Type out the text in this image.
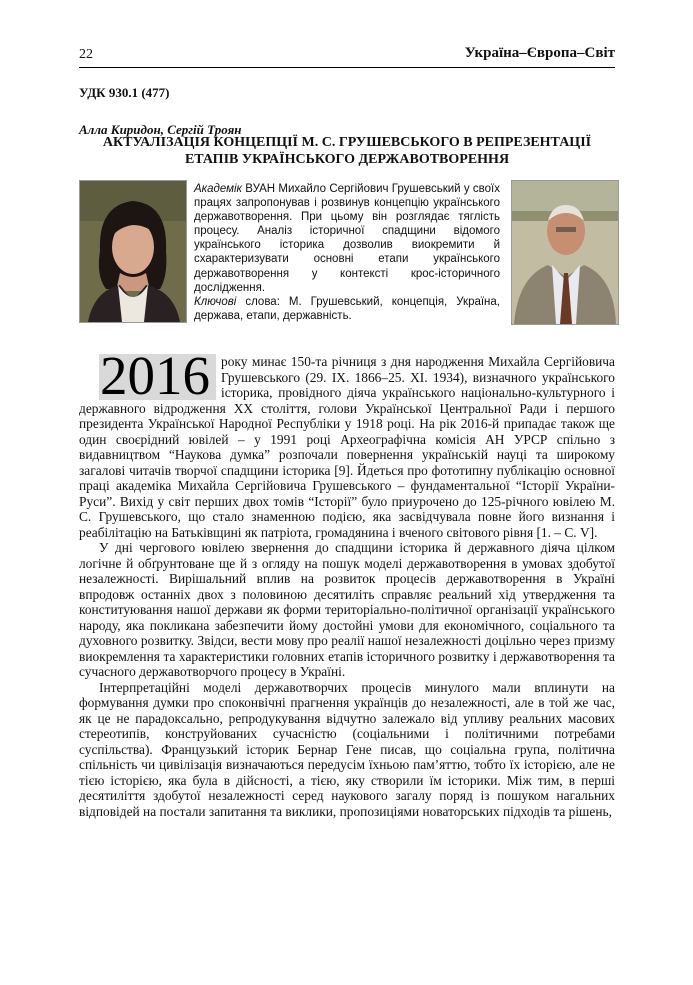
22	Україна–Європа–Світ
УДК 930.1 (477)
Алла Киридон, Сергій Троян
АКТУАЛІЗАЦІЯ КОНЦЕПЦІЇ М. С. ГРУШЕВСЬКОГО В РЕПРЕЗЕНТАЦІЇ ЕТАПІВ УКРАЇНСЬКОГО ДЕРЖАВОТВОРЕННЯ

Академік ВУАН Михайло Сергійович Грушевський у своїх працях запропонував і розвинув концепцію українського державотворення. При цьому він розглядає тяглість процесу. Аналіз історичної спадщини відомого українського історика дозволив виокремити й схарактеризувати основні етапи українського державотворення у контексті крос-історичного дослідження.

Ключові слова: М. Грушевський, концепція, Україна, держава, етапи, державність.

2016 року минає 150-та річниця з дня народження Михайла Сергійовича Грушевського (29. ІХ. 1866–25. ХІ. 1934), визначного українського історика, провідного діяча українського національно-культурного і державного відродження ХХ століття, голови Української Центральної Ради і першого президента Української Народної Республіки у 1918 році. На рік 2016-й припадає також ще один своєрідний ювілей – у 1991 році Археографічна комісія АН УРСР спільно з видавництвом “Наукова думка” розпочали повернення українській науці та широкому загалові читачів творчої спадщини історика [9]. Йдеться про фототипну публікацію основної праці академіка Михайла Сергійовича Грушевського – фундаментальної “Історії України-Руси”. Вихід у світ перших двох томів “Історії” було приурочено до 125-річного ювілею М. С. Грушевського, що стало знаменною подією, яка засвідчувала повне його визнання і реабілітацію на Батьківщині як патріота, громадянина і вченого світового рівня [1. – С. V].

У дні чергового ювілею звернення до спадщини історика й державного діяча цілком логічне й обґрунтоване ще й з огляду на пошук моделі державотворення в умовах здобутої незалежності. Вирішальний вплив на розвиток процесів державотворення в Україні впродовж останніх двох з половиною десятиліть справляє реальний хід утвердження та конституювання нашої держави як форми територіально-політичної організації українського народу, яка покликана забезпечити йому достойні умови для економічного, соціального та духовного розвитку. Звідси, вести мову про реалії нашої незалежності доцільно через призму виокремлення та характеристики головних етапів історичного розвитку і державотворення та сучасного державотворчого процесу в Україні.

Інтерпретаційні моделі державотворчих процесів минулого мали вплинути на формування думки про споконвічні прагнення українців до незалежності, але в той же час, як це не парадоксально, репродукування відчутно залежало від упливу реальних масових стереотипів, конструйованих сучасністю (соціальними і політичними потребами суспільства). Французький історик Бернар Гене писав, що соціальна група, політична спільність чи цивілізація визначаються передусім їхньою пам’яттю, тобто їх історією, але не тією історією, яка була в дійсності, а тією, яку створили їм історики. Між тим, в перші десятиліття здобутої незалежності серед наукового загалу поряд із пошуком нагальних відповідей на постали запитання та виклики, пропозиціями новаторських підходів та рішень,
